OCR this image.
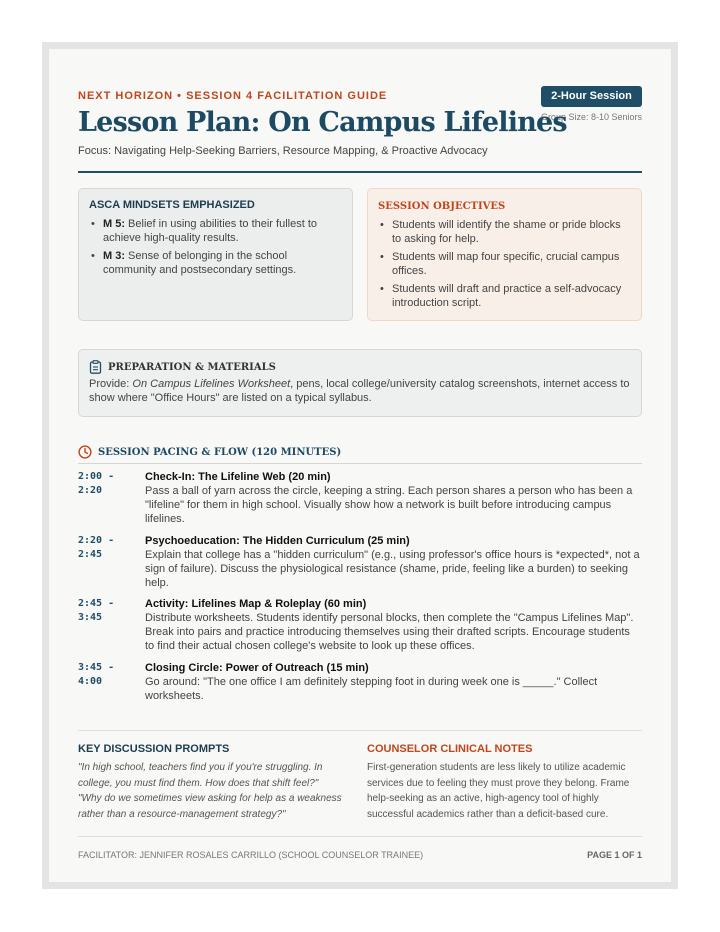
NEXT HORIZON • SESSION 4 FACILITATION GUIDE	2-Hour Session
Group Size: 8-10 Seniors
Lesson Plan: On Campus Lifelines
Focus: Navigating Help-Seeking Barriers, Resource Mapping, & Proactive Advocacy
ASCA MINDSETS EMPHASIZED
• M 5: Belief in using abilities to their fullest to achieve high-quality results.
• M 3: Sense of belonging in the school community and postsecondary settings.
SESSION OBJECTIVES
• Students will identify the shame or pride blocks to asking for help.
• Students will map four specific, crucial campus offices.
• Students will draft and practice a self-advocacy introduction script.
PREPARATION & MATERIALS
Provide: On Campus Lifelines Worksheet, pens, local college/university catalog screenshots, internet access to show where "Office Hours" are listed on a typical syllabus.
SESSION PACING & FLOW (120 MINUTES)
2:00 -
2:20
Check-In: The Lifeline Web (20 min)
Pass a ball of yarn across the circle, keeping a string. Each person shares a person who has been a "lifeline" for them in high school. Visually show how a network is built before introducing campus lifelines.
2:20 -
2:45
Psychoeducation: The Hidden Curriculum (25 min)
Explain that college has a "hidden curriculum" (e.g., using professor's office hours is *expected*, not a sign of failure). Discuss the physiological resistance (shame, pride, feeling like a burden) to seeking help.
2:45 -
3:45
Activity: Lifelines Map & Roleplay (60 min)
Distribute worksheets. Students identify personal blocks, then complete the "Campus Lifelines Map". Break into pairs and practice introducing themselves using their drafted scripts. Encourage students to find their actual chosen college's website to look up these offices.
3:45 -
4:00
Closing Circle: Power of Outreach (15 min)
Go around: "The one office I am definitely stepping foot in during week one is _____." Collect worksheets.
KEY DISCUSSION PROMPTS	COUNSELOR CLINICAL NOTES
"In high school, teachers find you if you're struggling. In college, you must find them. How does that shift feel?"
"Why do we sometimes view asking for help as a weakness rather than a resource-management strategy?"
First-generation students are less likely to utilize academic services due to feeling they must prove they belong. Frame help-seeking as an active, high-agency tool of highly successful academics rather than a deficit-based cure.
FACILITATOR: JENNIFER ROSALES CARRILLO (SCHOOL COUNSELOR TRAINEE)	PAGE 1 OF 1
